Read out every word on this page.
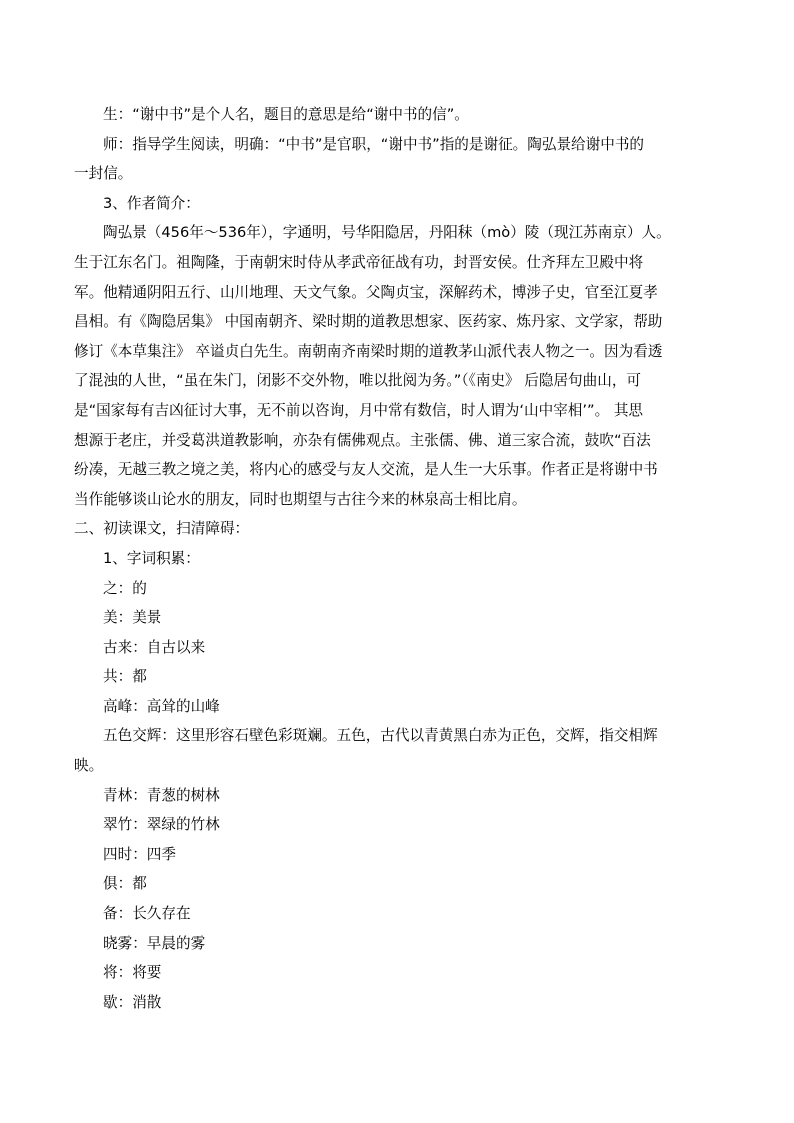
生：“谢中书”是个人名，题目的意思是给“谢中书的信”。
师：指导学生阅读，明确：“中书”是官职，“谢中书”指的是谢征。陶弘景给谢中书的
一封信。
3、作者简介：
陶弘景（456年～536年），字通明，号华阳隐居，丹阳秣（mò）陵（现江苏南京）人。
生于江东名门。祖陶隆，于南朝宋时侍从孝武帝征战有功，封晋安侯。仕齐拜左卫殿中将
军。他精通阴阳五行、山川地理、天文气象。父陶贞宝，深解药术，博涉子史，官至江夏孝
昌相。有《陶隐居集》 中国南朝齐、梁时期的道教思想家、医药家、炼丹家、文学家，帮助
修订《本草集注》 卒谥贞白先生。南朝南齐南梁时期的道教茅山派代表人物之一。因为看透
了混浊的人世，“虽在朱门，闭影不交外物，唯以批阅为务。”（《南史》 后隐居句曲山，可
是“国家每有吉凶征讨大事，无不前以咨询，月中常有数信，时人谓为‘山中宰相’”。 其思
想源于老庄，并受葛洪道教影响，亦杂有儒佛观点。主张儒、佛、道三家合流，鼓吹“百法
纷凑，无越三教之境之美，将内心的感受与友人交流，是人生一大乐事。作者正是将谢中书
当作能够谈山论水的朋友，同时也期望与古往今来的林泉高士相比肩。
二、初读课文，扫清障碍：
1、字词积累：
之：的
美：美景
古来：自古以来
共：都
高峰：高耸的山峰
五色交辉：这里形容石壁色彩斑斓。五色，古代以青黄黑白赤为正色，交辉，指交相辉
映。
青林：青葱的树林
翠竹：翠绿的竹林
四时：四季
俱：都
备：长久存在
晓雾：早晨的雾
将：将要
歇：消散
